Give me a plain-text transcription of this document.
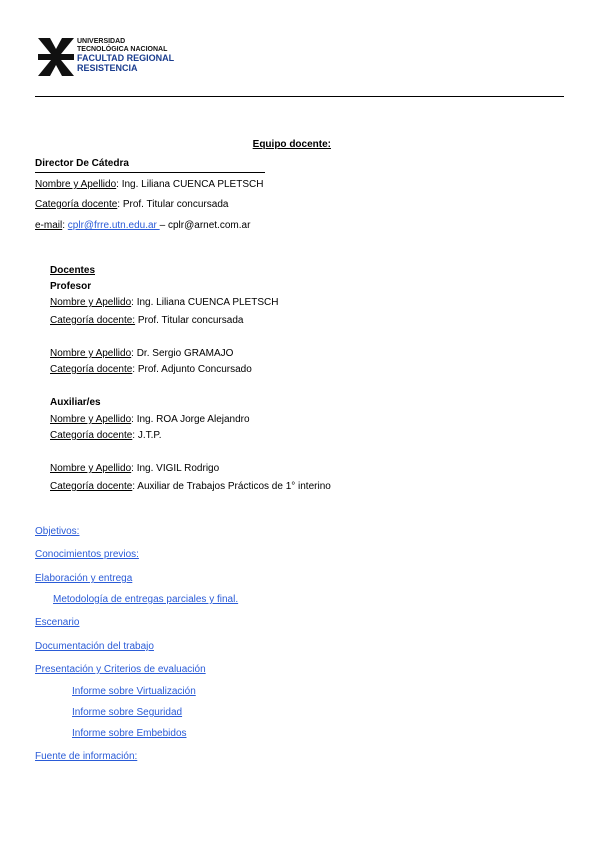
UNIVERSIDAD
TECNOLÓGICA NACIONAL
FACULTAD REGIONAL
RESISTENCIA
Equipo docente:
Director De Cátedra
Nombre y Apellido: Ing. Liliana CUENCA PLETSCH
Categoría docente: Prof. Titular concursada
e-mail: cplr@frre.utn.edu.ar – cplr@arnet.com.ar
Docentes
Profesor
Nombre y Apellido: Ing. Liliana CUENCA PLETSCH
Categoría docente: Prof. Titular concursada
Nombre y Apellido: Dr. Sergio GRAMAJO
Categoría docente: Prof. Adjunto Concursado
Auxiliar/es
Nombre y Apellido: Ing. ROA Jorge Alejandro
Categoría docente: J.T.P.
Nombre y Apellido: Ing. VIGIL Rodrigo
Categoría docente: Auxiliar de Trabajos Prácticos de 1° interino
Objetivos:
Conocimientos previos:
Elaboración y entrega
Metodología de entregas parciales y final.
Escenario
Documentación del trabajo
Presentación y Criterios de evaluación
Informe sobre Virtualización
Informe sobre Seguridad
Informe sobre Embebidos
Fuente de información:
